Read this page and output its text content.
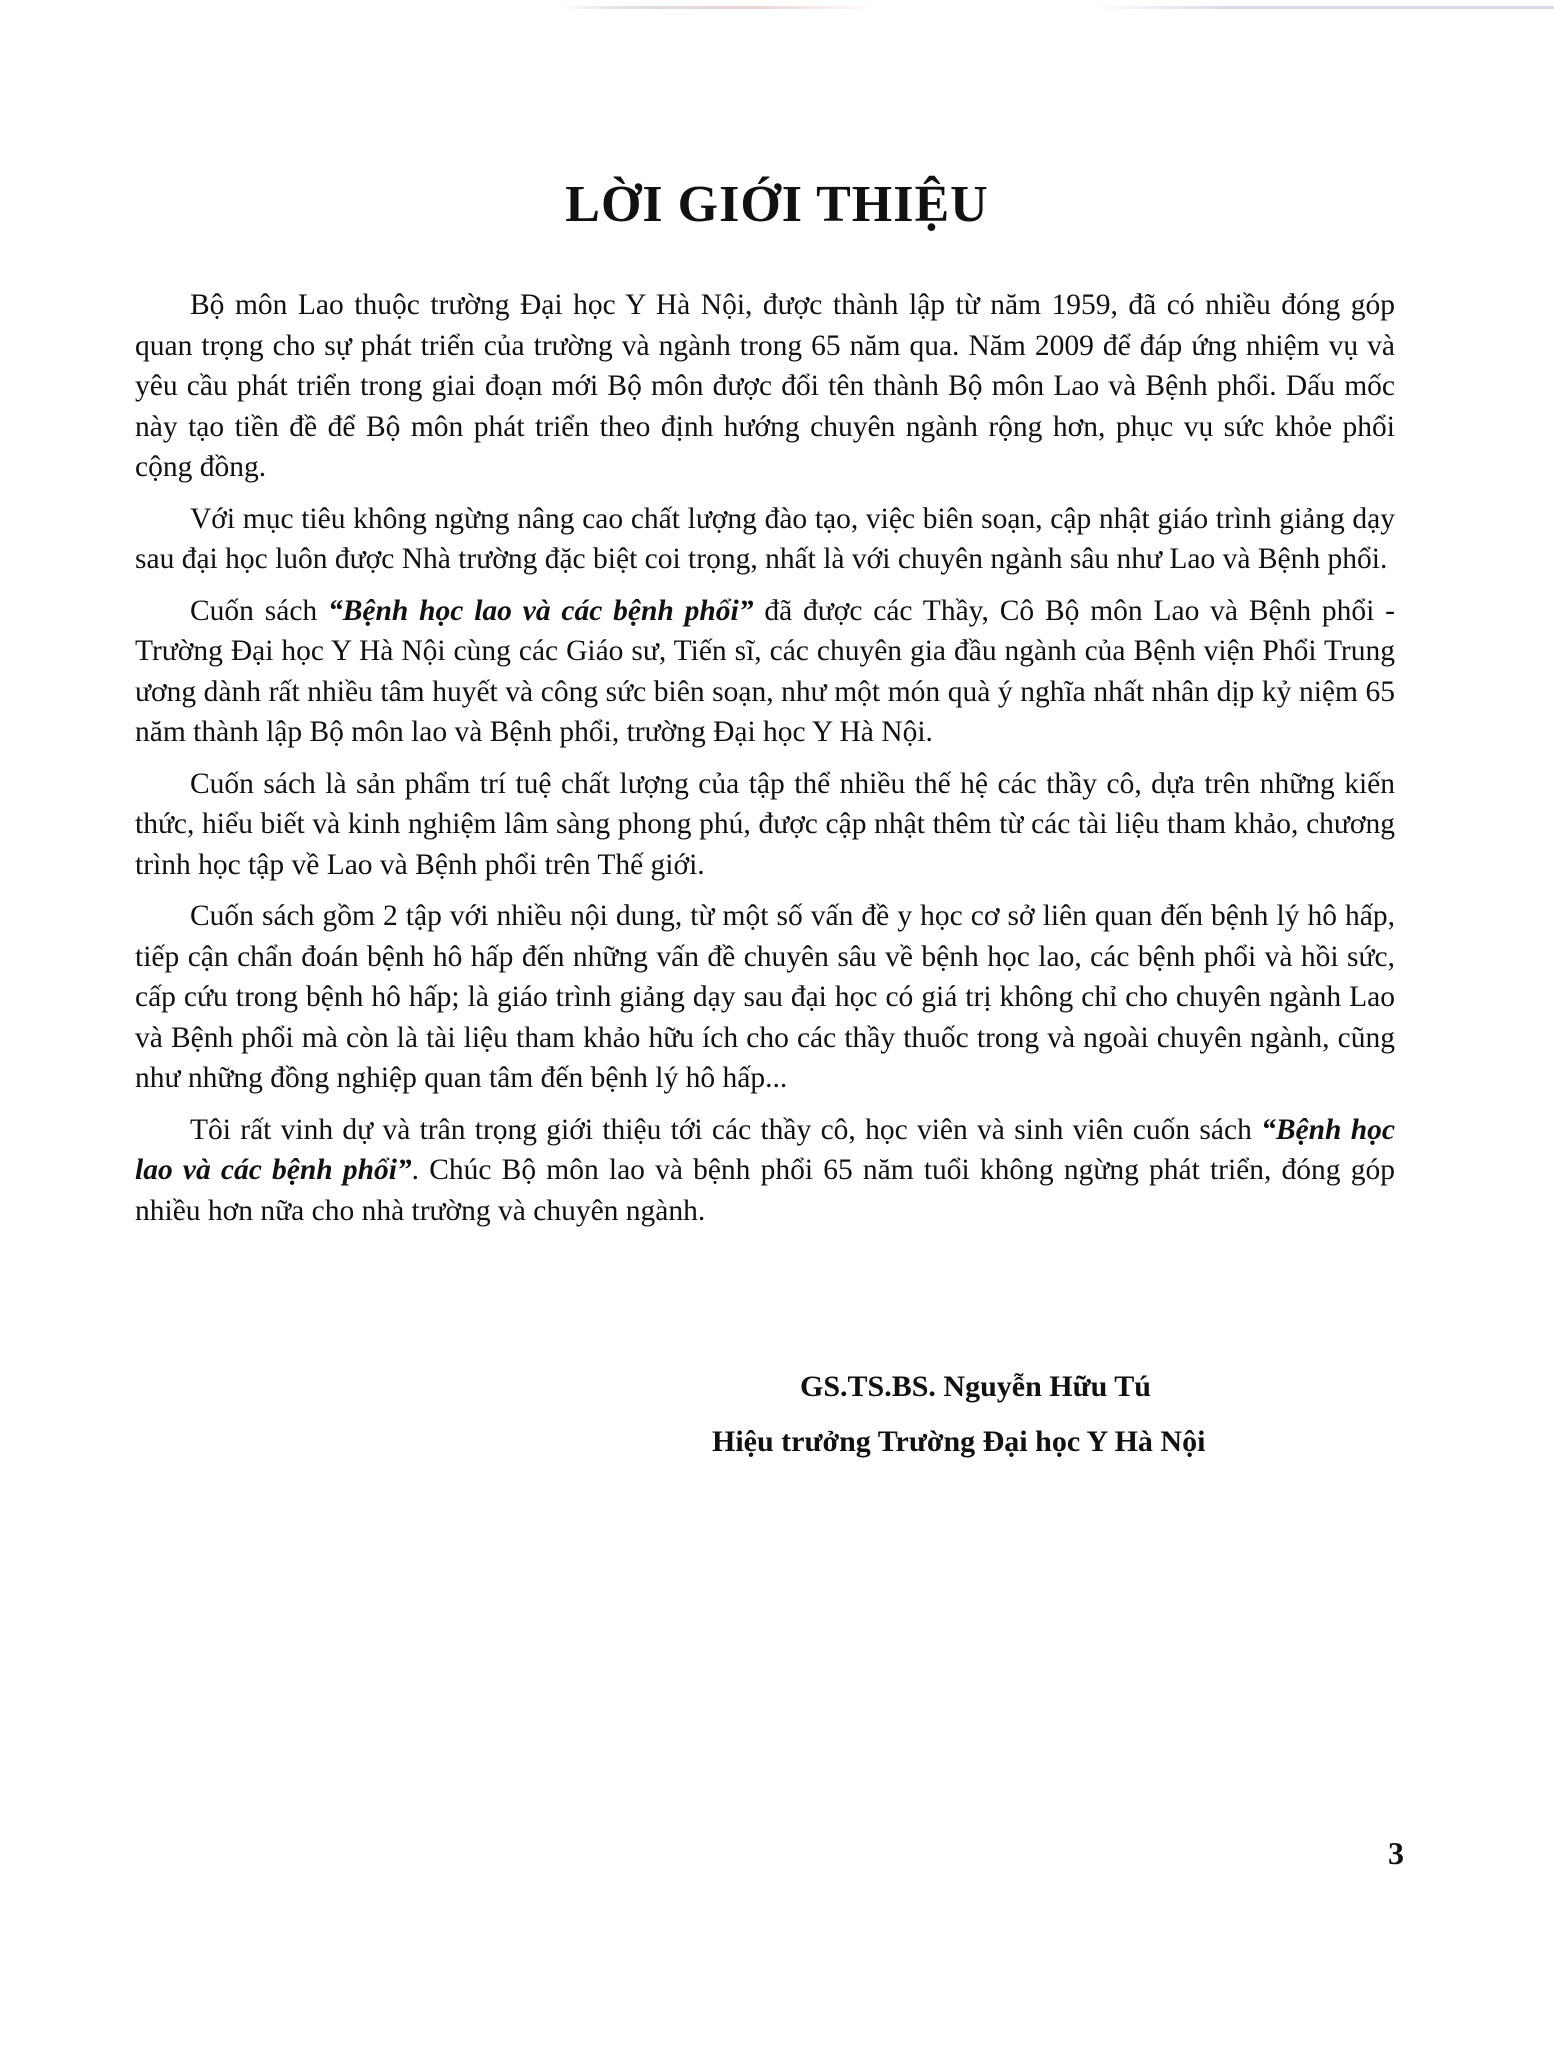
LỜI GIỚI THIỆU

Bộ môn Lao thuộc trường Đại học Y Hà Nội, được thành lập từ năm 1959, đã có nhiều đóng góp quan trọng cho sự phát triển của trường và ngành trong 65 năm qua. Năm 2009 để đáp ứng nhiệm vụ và yêu cầu phát triển trong giai đoạn mới Bộ môn được đổi tên thành Bộ môn Lao và Bệnh phổi. Dấu mốc này tạo tiền đề để Bộ môn phát triển theo định hướng chuyên ngành rộng hơn, phục vụ sức khỏe phổi cộng đồng.

Với mục tiêu không ngừng nâng cao chất lượng đào tạo, việc biên soạn, cập nhật giáo trình giảng dạy sau đại học luôn được Nhà trường đặc biệt coi trọng, nhất là với chuyên ngành sâu như Lao và Bệnh phổi.

Cuốn sách “Bệnh học lao và các bệnh phổi” đã được các Thầy, Cô Bộ môn Lao và Bệnh phổi - Trường Đại học Y Hà Nội cùng các Giáo sư, Tiến sĩ, các chuyên gia đầu ngành của Bệnh viện Phổi Trung ương dành rất nhiều tâm huyết và công sức biên soạn, như một món quà ý nghĩa nhất nhân dịp kỷ niệm 65 năm thành lập Bộ môn lao và Bệnh phổi, trường Đại học Y Hà Nội.

Cuốn sách là sản phẩm trí tuệ chất lượng của tập thể nhiều thế hệ các thầy cô, dựa trên những kiến thức, hiểu biết và kinh nghiệm lâm sàng phong phú, được cập nhật thêm từ các tài liệu tham khảo, chương trình học tập về Lao và Bệnh phổi trên Thế giới.

Cuốn sách gồm 2 tập với nhiều nội dung, từ một số vấn đề y học cơ sở liên quan đến bệnh lý hô hấp, tiếp cận chẩn đoán bệnh hô hấp đến những vấn đề chuyên sâu về bệnh học lao, các bệnh phổi và hồi sức, cấp cứu trong bệnh hô hấp; là giáo trình giảng dạy sau đại học có giá trị không chỉ cho chuyên ngành Lao và Bệnh phổi mà còn là tài liệu tham khảo hữu ích cho các thầy thuốc trong và ngoài chuyên ngành, cũng như những đồng nghiệp quan tâm đến bệnh lý hô hấp...

Tôi rất vinh dự và trân trọng giới thiệu tới các thầy cô, học viên và sinh viên cuốn sách “Bệnh học lao và các bệnh phổi”. Chúc Bộ môn lao và bệnh phổi 65 năm tuổi không ngừng phát triển, đóng góp nhiều hơn nữa cho nhà trường và chuyên ngành.

GS.TS.BS. Nguyễn Hữu Tú
Hiệu trưởng Trường Đại học Y Hà Nội
3
